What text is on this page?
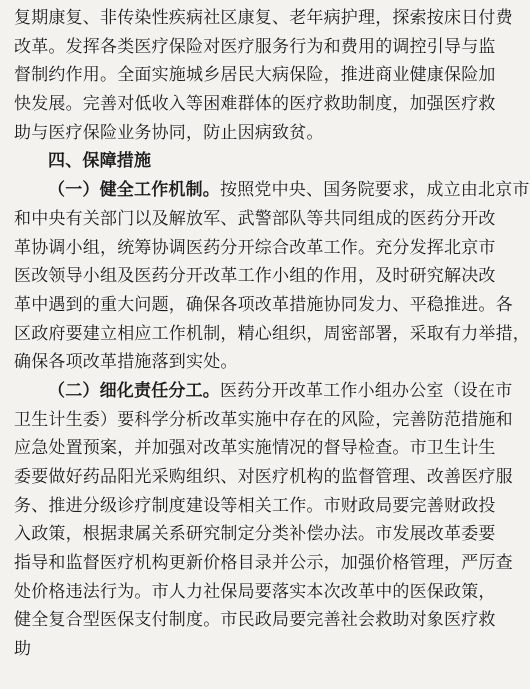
复期康复、非传染性疾病社区康复、老年病护理，探索按床日付费
改革。发挥各类医疗保险对医疗服务行为和费用的调控引导与监
督制约作用。全面实施城乡居民大病保险，推进商业健康保险加
快发展。完善对低收入等困难群体的医疗救助制度，加强医疗救
助与医疗保险业务协同，防止因病致贫。
四、保障措施
（一）健全工作机制。按照党中央、国务院要求，成立由北京市
和中央有关部门以及解放军、武警部队等共同组成的医药分开改
革协调小组，统筹协调医药分开综合改革工作。充分发挥北京市
医改领导小组及医药分开改革工作小组的作用，及时研究解决改
革中遇到的重大问题，确保各项改革措施协同发力、平稳推进。各
区政府要建立相应工作机制，精心组织，周密部署，采取有力举措，
确保各项改革措施落到实处。
（二）细化责任分工。医药分开改革工作小组办公室（设在市
卫生计生委）要科学分析改革实施中存在的风险，完善防范措施和
应急处置预案，并加强对改革实施情况的督导检查。市卫生计生
委要做好药品阳光采购组织、对医疗机构的监督管理、改善医疗服
务、推进分级诊疗制度建设等相关工作。市财政局要完善财政投
入政策，根据隶属关系研究制定分类补偿办法。市发展改革委要
指导和监督医疗机构更新价格目录并公示，加强价格管理，严厉查
处价格违法行为。市人力社保局要落实本次改革中的医保政策，
健全复合型医保支付制度。市民政局要完善社会救助对象医疗救
助
